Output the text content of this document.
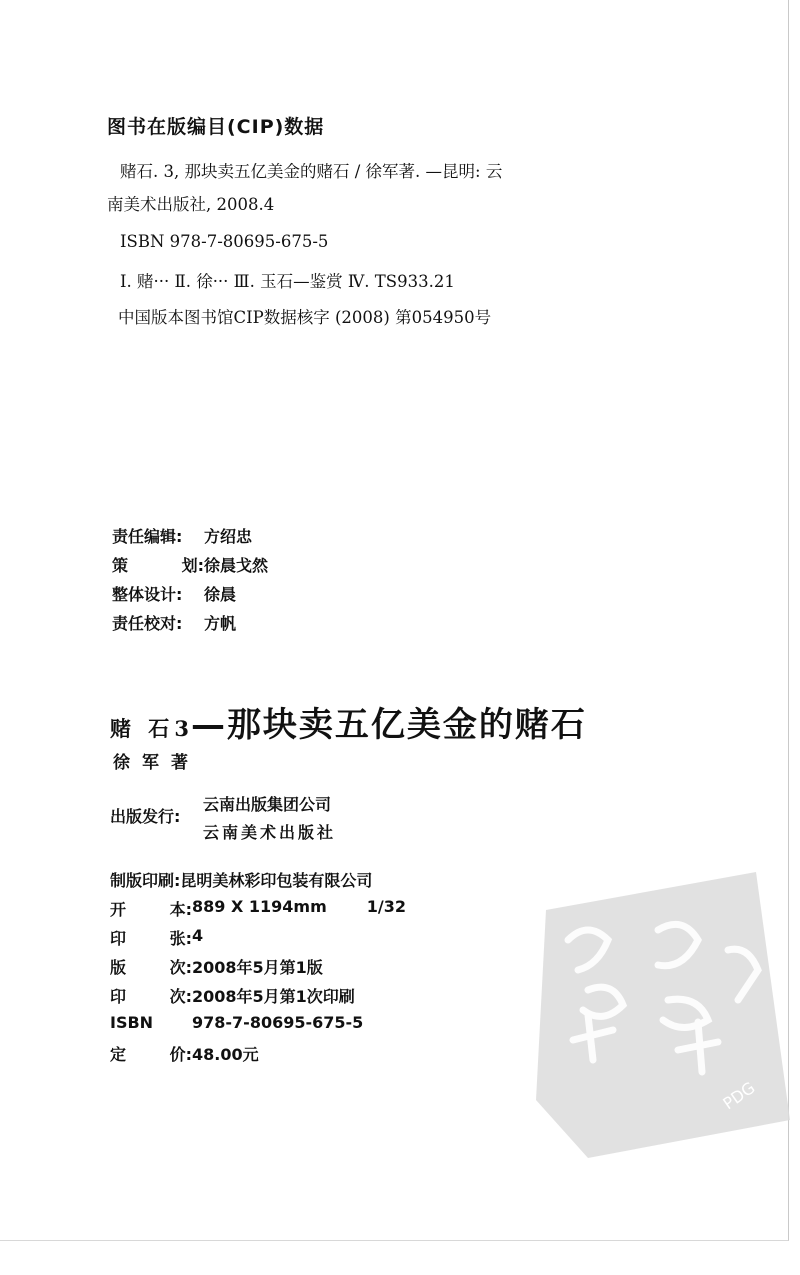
图书在版编目(CIP)数据
赌石. 3, 那块卖五亿美金的赌石 / 徐军著. —昆明: 云
南美术出版社, 2008.4
ISBN 978-7-80695-675-5
Ⅰ. 赌··· Ⅱ. 徐··· Ⅲ. 玉石—鉴赏 Ⅳ. TS933.21
中国版本图书馆CIP数据核字 (2008) 第054950号
责任编辑:	方绍忠
策	划: 徐晨戈然
整体设计:	徐晨
责任校对:	方帆
赌 石3—那块卖五亿美金的赌石
徐军著
出版发行:
云南出版集团公司
云南美术出版社
制版印刷: 昆明美林彩印包装有限公司
开	本: 889 X 1194mm	1/32
印	张: 4
版	次: 2008年5月第1版
印	次: 2008年5月第1次印刷
ISBN	978-7-80695-675-5
定	价: 48.00元
PDG
